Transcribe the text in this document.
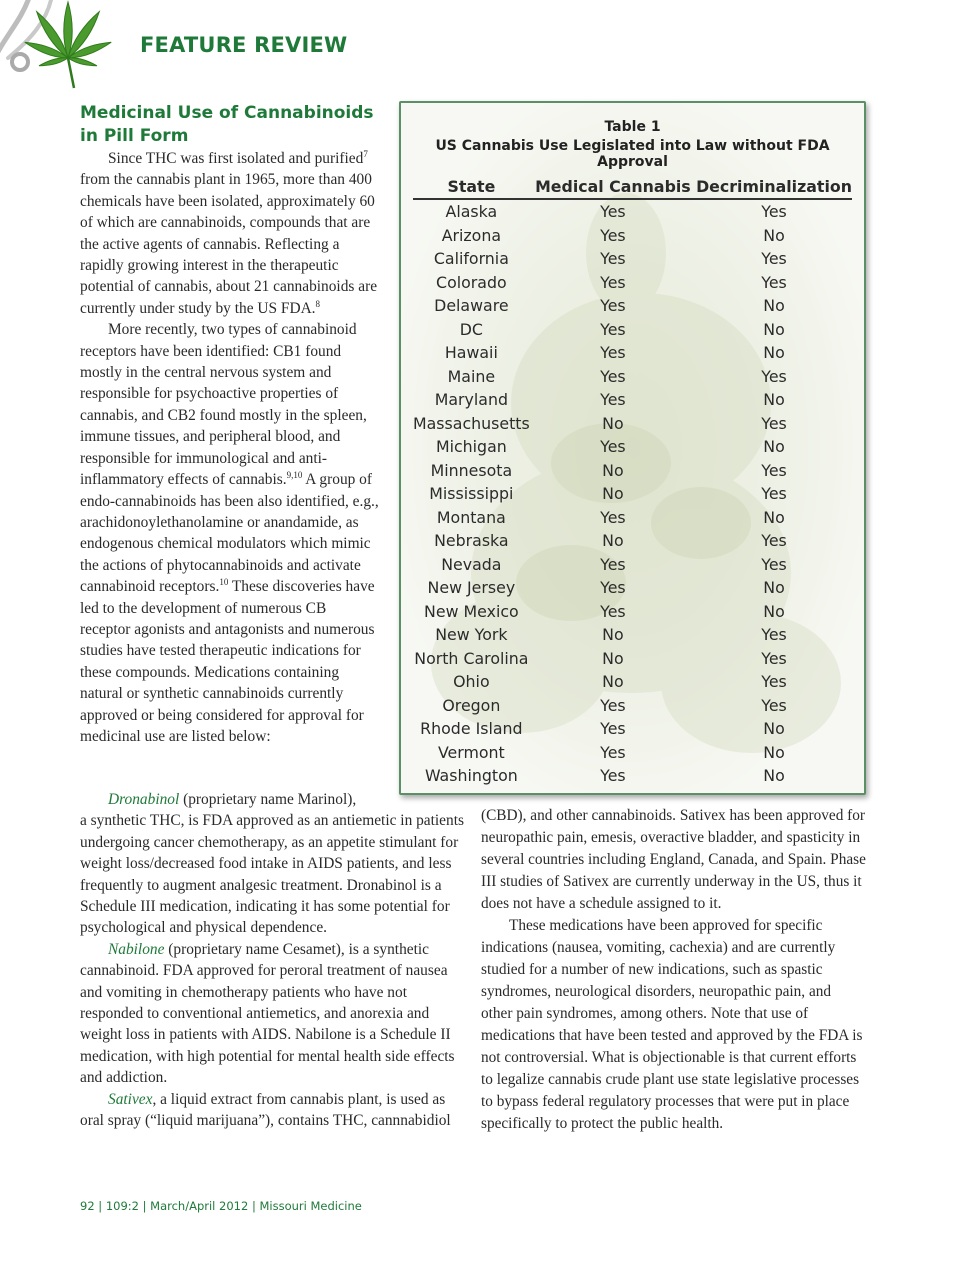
FEATURE REVIEW
Medicinal Use of Cannabinoids in Pill Form

Since THC was first isolated and purified$^7$ from the cannabis plant in 1965, more than 400 chemicals have been isolated, approximately 60 of which are cannabinoids, compounds that are the active agents of cannabis. Reflecting a rapidly growing interest in the therapeutic potential of cannabis, about 21 cannabinoids are currently under study by the US FDA.$^8$

More recently, two types of cannabinoid receptors have been identified: CB1 found mostly in the central nervous system and responsible for psychoactive properties of cannabis, and CB2 found mostly in the spleen, immune tissues, and peripheral blood, and responsible for immunological and anti-inflammatory effects of cannabis.$^{9,10}$ A group of endo-cannabinoids has been also identified, e.g., arachidonoylethanolamine or anandamide, as endogenous chemical modulators which mimic the actions of phytocannabinoids and activate cannabinoid receptors.$^{10}$ These discoveries have led to the development of numerous CB receptor agonists and antagonists and numerous studies have tested therapeutic indications for these compounds. Medications containing natural or synthetic cannabinoids currently approved or being considered for approval for medicinal use are listed below:

Dronabinol (proprietary name Marinol),

a synthetic THC, is FDA approved as an antiemetic in patients undergoing cancer chemotherapy, as an appetite stimulant for weight loss/decreased food intake in AIDS patients, and less frequently to augment analgesic treatment. Dronabinol is a Schedule III medication, indicating it has some potential for psychological and physical dependence.

Nabilone (proprietary name Cesamet), is a synthetic cannabinoid. FDA approved for peroral treatment of nausea and vomiting in chemotherapy patients who have not responded to conventional antiemetics, and anorexia and weight loss in patients with AIDS. Nabilone is a Schedule II medication, with high potential for mental health side effects and addiction.

Sativex, a liquid extract from cannabis plant, is used as oral spray (“liquid marijuana”), contains THC, cannnabidiol

(CBD), and other cannabinoids. Sativex has been approved for neuropathic pain, emesis, overactive bladder, and spasticity in several countries including England, Canada, and Spain. Phase III studies of Sativex are currently underway in the US, thus it does not have a schedule assigned to it.

These medications have been approved for specific indications (nausea, vomiting, cachexia) and are currently studied for a number of new indications, such as spastic syndromes, neurological disorders, neuropathic pain, and other pain syndromes, among others. Note that use of medications that have been tested and approved by the FDA is not controversial. What is objectionable is that current efforts to legalize cannabis crude plant use state legislative processes to bypass federal regulatory processes that were put in place specifically to protect the public health.

Table 1
US Cannabis Use Legislated into Law without FDA Approval
State	Medical Cannabis	Decriminalization
Alaska	Yes	Yes
Arizona	Yes	No
California	Yes	Yes
Colorado	Yes	Yes
Delaware	Yes	No
DC	Yes	No
Hawaii	Yes	No
Maine	Yes	Yes
Maryland	Yes	No
Massachusetts	No	Yes
Michigan	Yes	No
Minnesota	No	Yes
Mississippi	No	Yes
Montana	Yes	No
Nebraska	No	Yes
Nevada	Yes	Yes
New Jersey	Yes	No
New Mexico	Yes	No
New York	No	Yes
North Carolina	No	Yes
Ohio	No	Yes
Oregon	Yes	Yes
Rhode Island	Yes	No
Vermont	Yes	No
Washington	Yes	No

92 | 109:2 | March/April 2012 | Missouri Medicine
